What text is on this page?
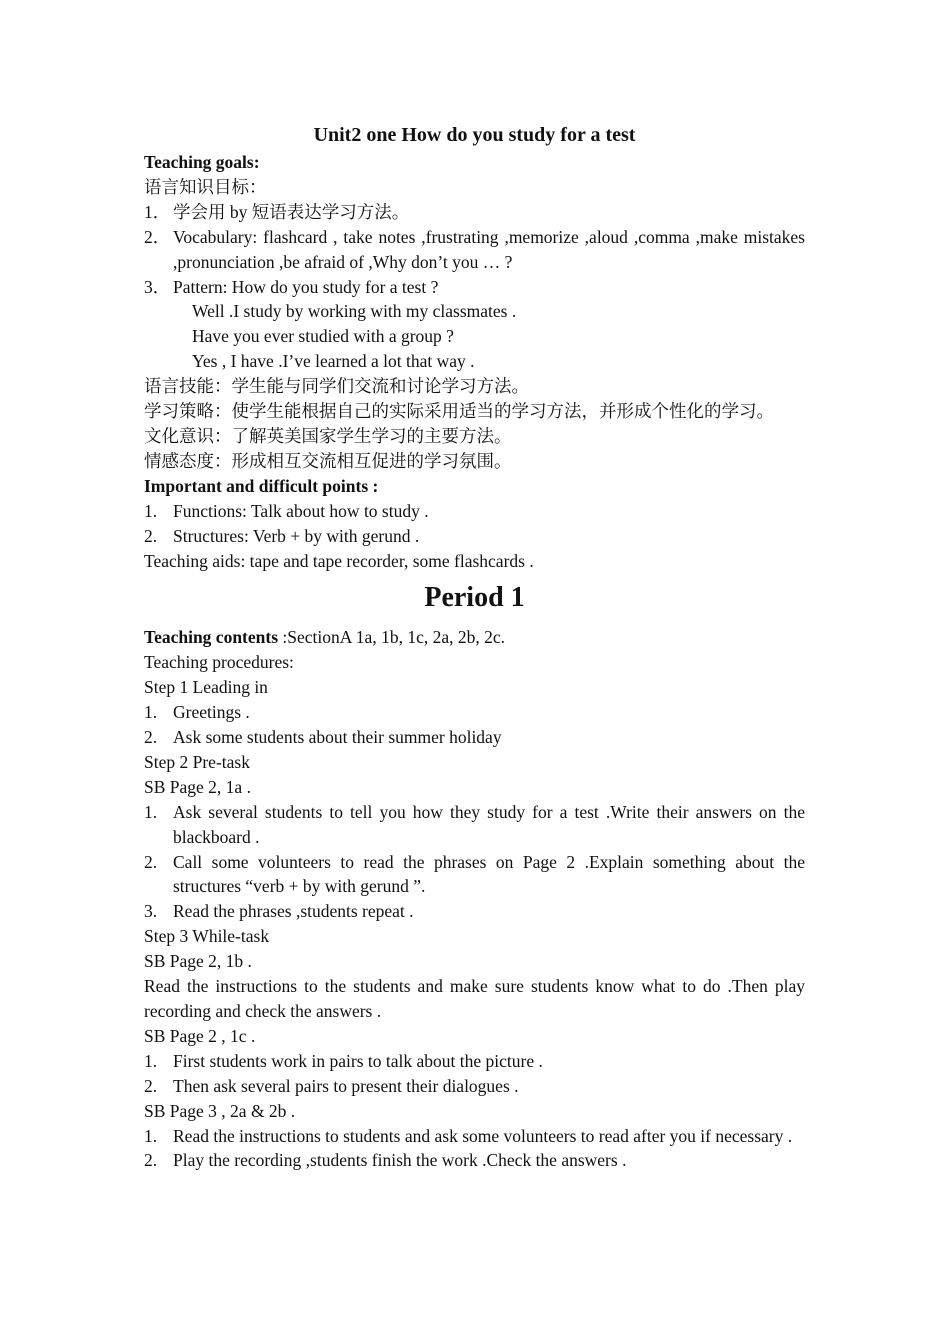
Unit2 one How do you study for a test

Teaching goals:

语言知识目标：

1． 学会用 by 短语表达学习方法。
2． Vocabulary: flashcard , take notes ,frustrating ,memorize ,aloud ,comma ,make mistakes ,pronunciation ,be afraid of ,Why don’t you … ?
3． Pattern: How do you study for a test ?

Well .I study by working with my classmates .

Have you ever studied with a group ?

Yes , I have .I’ve learned a lot that way .

语言技能：学生能与同学们交流和讨论学习方法。

学习策略：使学生能根据自己的实际采用适当的学习方法，并形成个性化的学习。

文化意识：了解英美国家学生学习的主要方法。

情感态度：形成相互交流相互促进的学习氛围。

Important and difficult points :

1. Functions: Talk about how to study .
2. Structures: Verb + by with gerund .

Teaching aids: tape and tape recorder, some flashcards .

Period 1

Teaching contents :SectionA 1a, 1b, 1c, 2a, 2b, 2c.

Teaching procedures:

Step 1 Leading in

1. Greetings .
2. Ask some students about their summer holiday

Step 2 Pre-task

SB Page 2, 1a .

1. Ask several students to tell you how they study for a test .Write their answers on the blackboard .
2. Call some volunteers to read the phrases on Page 2 .Explain something about the structures “verb + by with gerund ”.
3. Read the phrases ,students repeat .

Step 3 While-task

SB Page 2, 1b .

Read the instructions to the students and make sure students know what to do .Then play recording and check the answers .

SB Page 2 , 1c .

1. First students work in pairs to talk about the picture .
2. Then ask several pairs to present their dialogues .

SB Page 3 , 2a & 2b .

1. Read the instructions to students and ask some volunteers to read after you if necessary .
2. Play the recording ,students finish the work .Check the answers .
